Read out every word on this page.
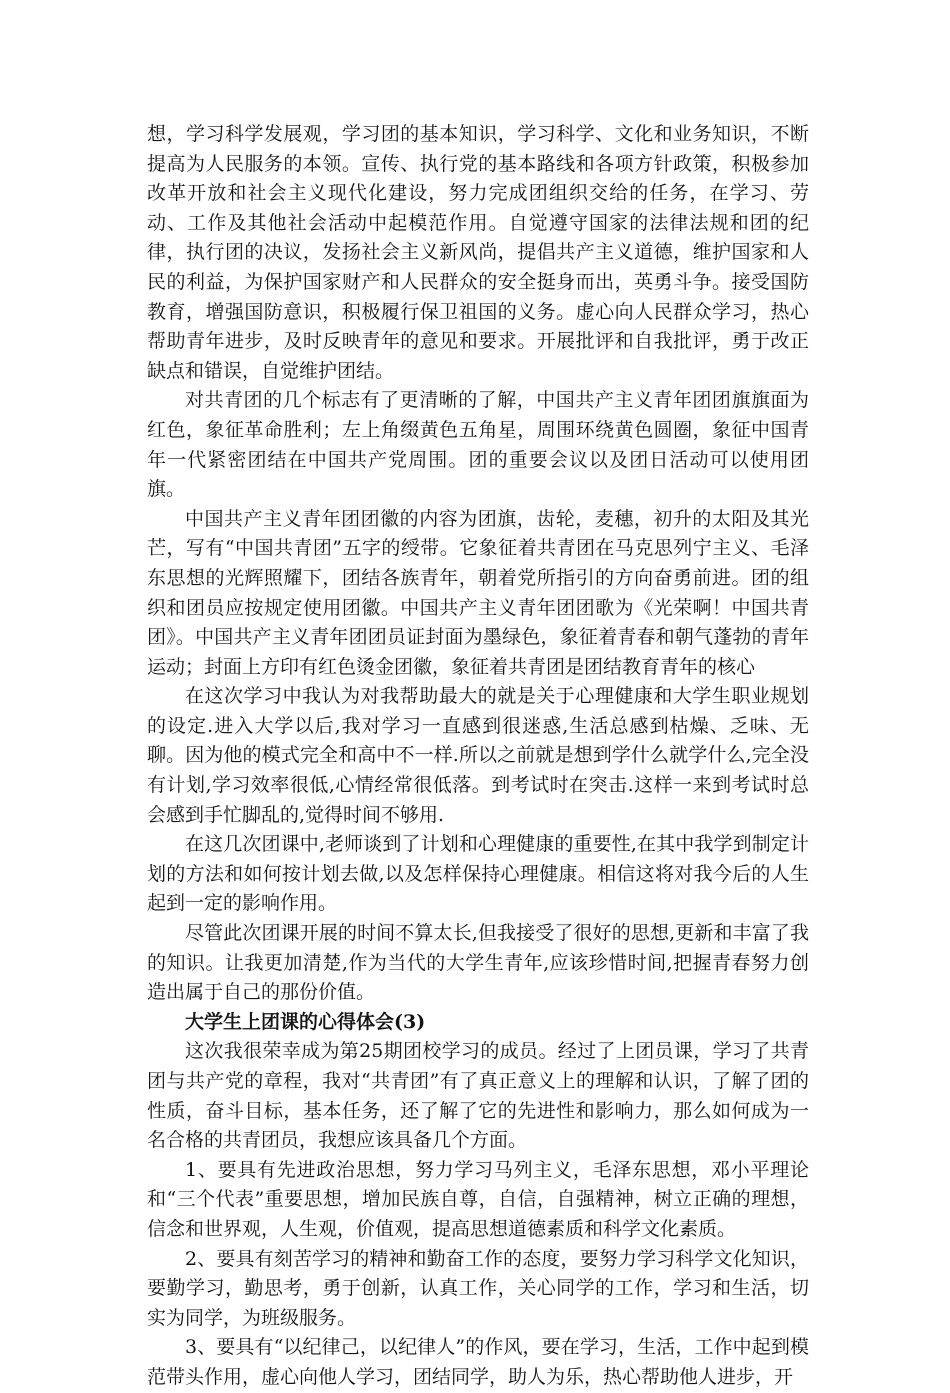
想，学习科学发展观，学习团的基本知识，学习科学、文化和业务知识，不断提高为人民服务的本领。宣传、执行党的基本路线和各项方针政策，积极参加改革开放和社会主义现代化建设，努力完成团组织交给的任务，在学习、劳动、工作及其他社会活动中起模范作用。自觉遵守国家的法律法规和团的纪律，执行团的决议，发扬社会主义新风尚，提倡共产主义道德，维护国家和人民的利益，为保护国家财产和人民群众的安全挺身而出，英勇斗争。接受国防教育，增强国防意识，积极履行保卫祖国的义务。虚心向人民群众学习，热心帮助青年进步，及时反映青年的意见和要求。开展批评和自我批评，勇于改正缺点和错误，自觉维护团结。

对共青团的几个标志有了更清晰的了解，中国共产主义青年团团旗旗面为红色，象征革命胜利；左上角缀黄色五角星，周围环绕黄色圆圈，象征中国青年一代紧密团结在中国共产党周围。团的重要会议以及团日活动可以使用团旗。

中国共产主义青年团团徽的内容为团旗，齿轮，麦穗，初升的太阳及其光芒，写有“中国共青团”五字的绶带。它象征着共青团在马克思列宁主义、毛泽东思想的光辉照耀下，团结各族青年，朝着党所指引的方向奋勇前进。团的组织和团员应按规定使用团徽。中国共产主义青年团团歌为《光荣啊！中国共青团》。中国共产主义青年团团员证封面为墨绿色，象征着青春和朝气蓬勃的青年运动；封面上方印有红色烫金团徽，象征着共青团是团结教育青年的核心

在这次学习中我认为对我帮助最大的就是关于心理健康和大学生职业规划的设定.进入大学以后,我对学习一直感到很迷惑,生活总感到枯燥、乏味、无聊。因为他的模式完全和高中不一样.所以之前就是想到学什么就学什么,完全没有计划,学习效率很低,心情经常很低落。到考试时在突击.这样一来到考试时总会感到手忙脚乱的,觉得时间不够用.

在这几次团课中,老师谈到了计划和心理健康的重要性,在其中我学到制定计划的方法和如何按计划去做,以及怎样保持心理健康。相信这将对我今后的人生起到一定的影响作用。

尽管此次团课开展的时间不算太长,但我接受了很好的思想,更新和丰富了我的知识。让我更加清楚,作为当代的大学生青年,应该珍惜时间,把握青春努力创造出属于自己的那份价值。

大学生上团课的心得体会(3)

这次我很荣幸成为第25期团校学习的成员。经过了上团员课，学习了共青团与共产党的章程，我对“共青团”有了真正意义上的理解和认识，了解了团的性质，奋斗目标，基本任务，还了解了它的先进性和影响力，那么如何成为一名合格的共青团员，我想应该具备几个方面。

1、要具有先进政治思想，努力学习马列主义，毛泽东思想，邓小平理论和“三个代表”重要思想，增加民族自尊，自信，自强精神，树立正确的理想，信念和世界观，人生观，价值观，提高思想道德素质和科学文化素质。

2、要具有刻苦学习的精神和勤奋工作的态度，要努力学习科学文化知识，要勤学习，勤思考，勇于创新，认真工作，关心同学的工作，学习和生活，切实为同学，为班级服务。

3、要具有“以纪律己，以纪律人”的作风，要在学习，生活，工作中起到模范带头作用，虚心向他人学习，团结同学，助人为乐，热心帮助他人进步，开
